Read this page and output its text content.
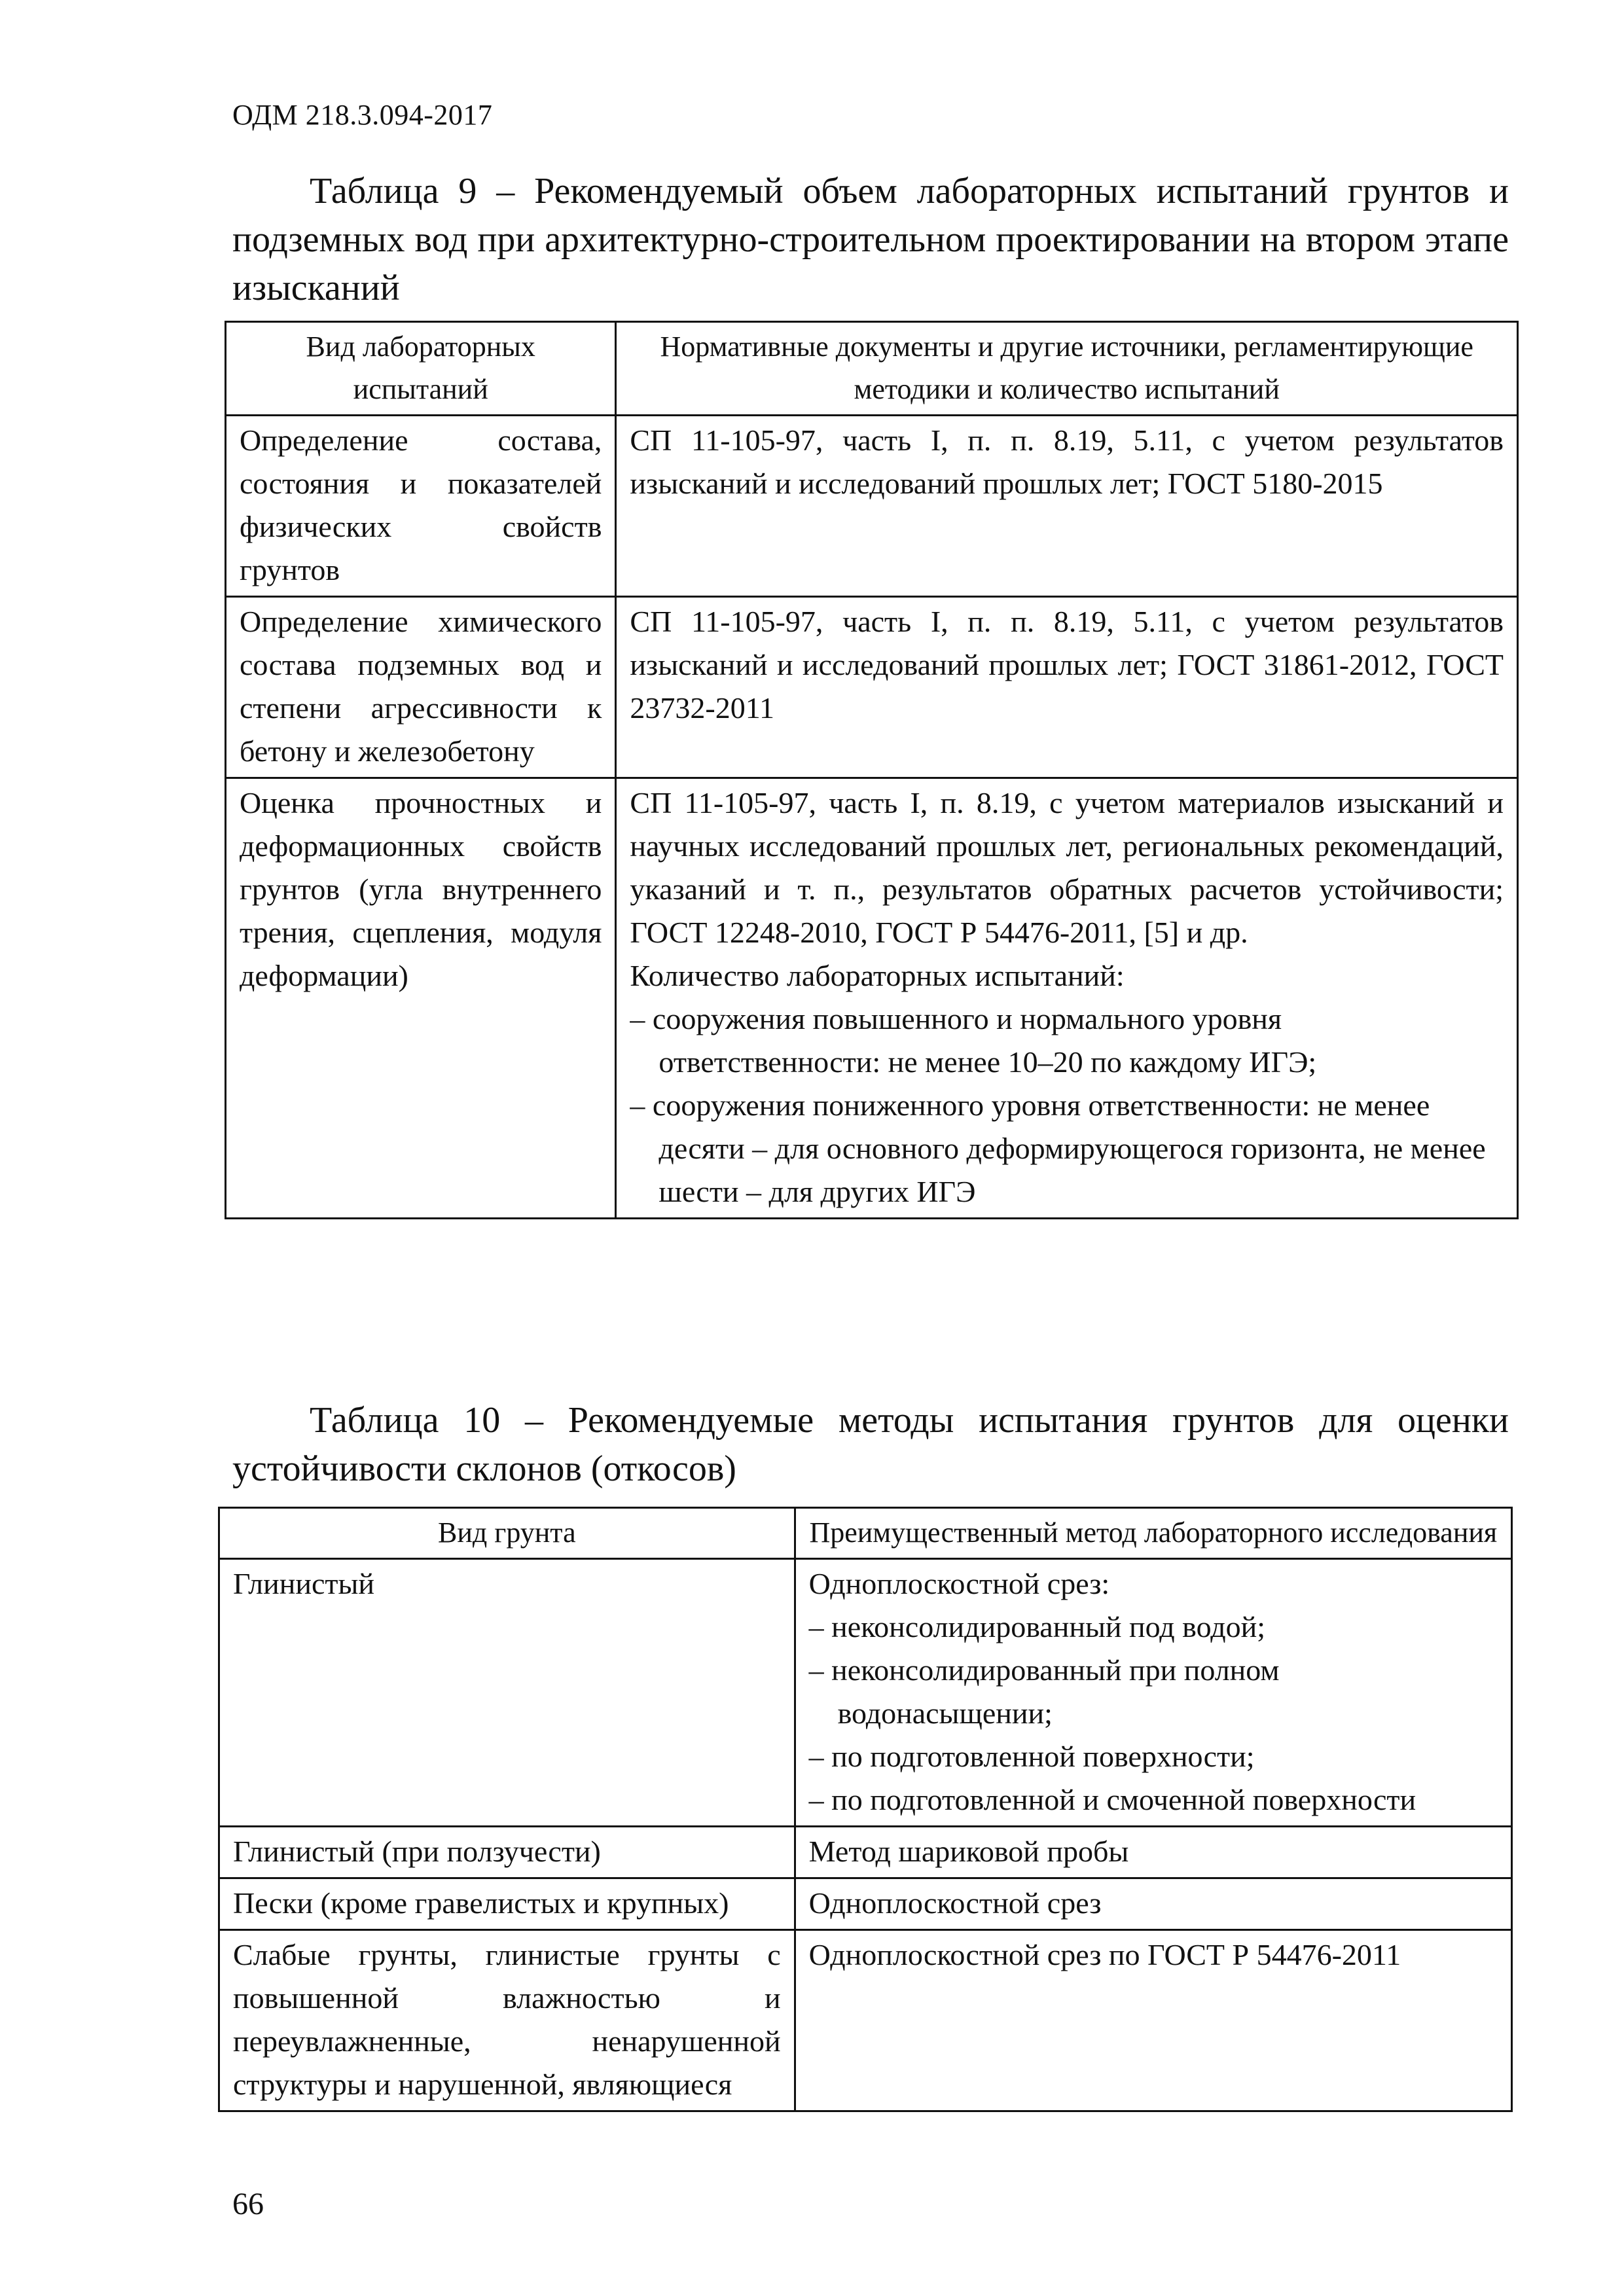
ОДМ 218.3.094-2017
Таблица 9 – Рекомендуемый объем лабораторных испытаний грунтов и подземных вод при архитектурно-строительном проектировании на втором этапе изысканий
Вид лабораторных испытаний	Нормативные документы и другие источники, регламентирующие методики и количество испытаний
Определение состава, состояния и показателей физических свойств грунтов	СП 11-105-97, часть I, п. п. 8.19, 5.11, с учетом результатов изысканий и исследований прошлых лет; ГОСТ 5180-2015
Определение химического состава подземных вод и степени агрессивности к бетону и железобетону	СП 11-105-97, часть I, п. п. 8.19, 5.11, с учетом результатов изысканий и исследований прошлых лет; ГОСТ 31861-2012, ГОСТ 23732-2011
Оценка прочностных и деформационных свойств грунтов (угла внутреннего трения, сцепления, модуля деформации)	СП 11-105-97, часть I, п. 8.19, с учетом материалов изысканий и научных исследований прошлых лет, региональных рекомендаций, указаний и т. п., результатов обратных расчетов устойчивости; ГОСТ 12248-2010, ГОСТ Р 54476-2011, [5] и др.
Количество лабораторных испытаний:
– сооружения повышенного и нормального уровня ответственности: не менее 10–20 по каждому ИГЭ;
– сооружения пониженного уровня ответственности: не менее десяти – для основного деформирующегося горизонта, не менее шести – для других ИГЭ
Таблица 10 – Рекомендуемые методы испытания грунтов для оценки устойчивости склонов (откосов)
Вид грунта	Преимущественный метод лабораторного исследования
Глинистый	Одноплоскостной срез:
– неконсолидированный под водой;
– неконсолидированный при полном водонасыщении;
– по подготовленной поверхности;
– по подготовленной и смоченной поверхности

Глинистый (при ползучести)	Метод шариковой пробы
Пески (кроме гравелистых и крупных)	Одноплоскостной срез
Слабые грунты, глинистые грунты с повышенной влажностью и переувлажненные, ненарушенной структуры и нарушенной, являющиеся	Одноплоскостной срез по ГОСТ Р 54476-2011
66
